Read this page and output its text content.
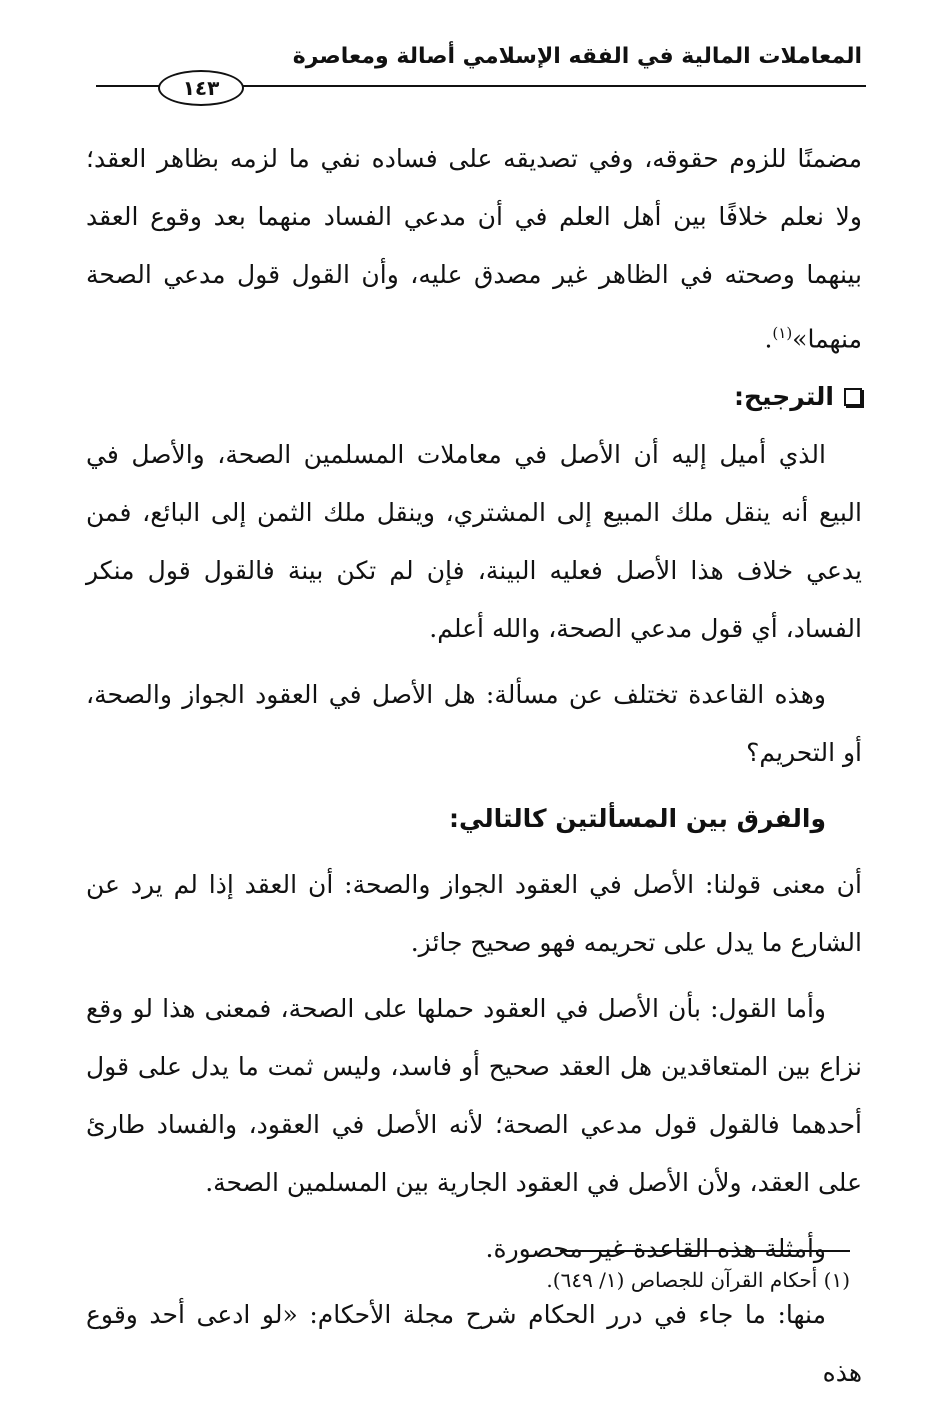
المعاملات المالية في الفقه الإسلامي أصالة ومعاصرة
١٤٣

مضمنًا للزوم حقوقه، وفي تصديقه على فساده نفي ما لزمه بظاهر العقد؛ ولا نعلم خلافًا بين أهل العلم في أن مدعي الفساد منهما بعد وقوع العقد بينهما وصحته في الظاهر غير مصدق عليه، وأن القول قول مدعي الصحة منهما»$^{(١)}$.

الترجيح:

الذي أميل إليه أن الأصل في معاملات المسلمين الصحة، والأصل في البيع أنه ينقل ملك المبيع إلى المشتري، وينقل ملك الثمن إلى البائع، فمن يدعي خلاف هذا الأصل فعليه البينة، فإن لم تكن بينة فالقول قول منكر الفساد، أي قول مدعي الصحة، والله أعلم.

وهذه القاعدة تختلف عن مسألة: هل الأصل في العقود الجواز والصحة، أو التحريم؟

والفرق بين المسألتين كالتالي:

أن معنى قولنا: الأصل في العقود الجواز والصحة: أن العقد إذا لم يرد عن الشارع ما يدل على تحريمه فهو صحيح جائز.

وأما القول: بأن الأصل في العقود حملها على الصحة، فمعنى هذا لو وقع نزاع بين المتعاقدين هل العقد صحيح أو فاسد، وليس ثمت ما يدل على قول أحدهما فالقول قول مدعي الصحة؛ لأنه الأصل في العقود، والفساد طارئ على العقد، ولأن الأصل في العقود الجارية بين المسلمين الصحة.

وأمثلة هذه القاعدة غير محصورة.

منها: ما جاء في درر الحكام شرح مجلة الأحكام: «لو ادعى أحد وقوع هذه

(١) أحكام القرآن للجصاص (١/ ٦٤٩).
